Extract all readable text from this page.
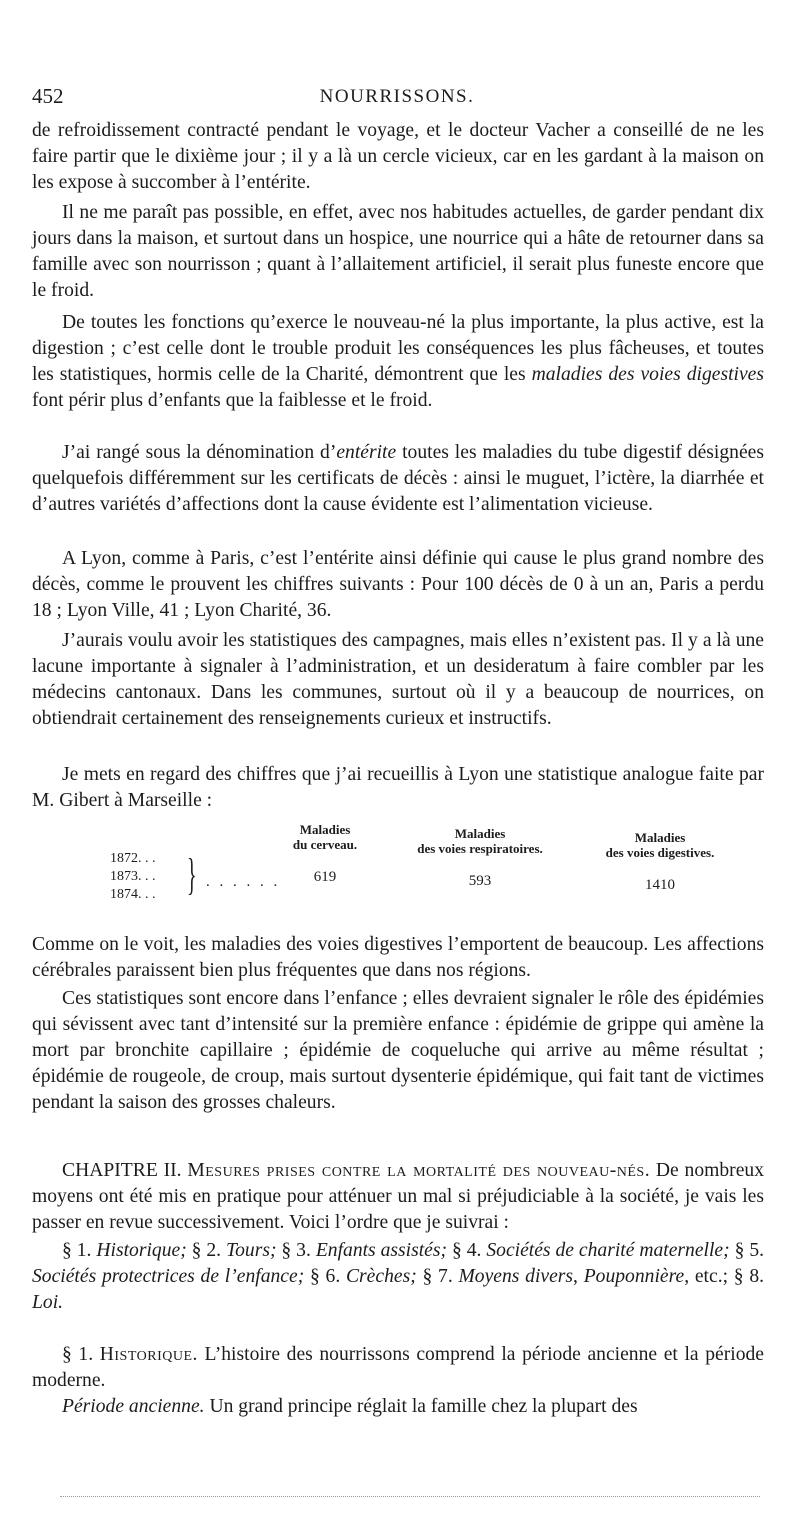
452	NOURRISSONS.

de refroidissement contracté pendant le voyage, et le docteur Vacher a conseillé de ne les faire partir que le dixième jour ; il y a là un cercle vicieux, car en les gardant à la maison on les expose à succomber à l’entérite.

Il ne me paraît pas possible, en effet, avec nos habitudes actuelles, de garder pendant dix jours dans la maison, et surtout dans un hospice, une nourrice qui a hâte de retourner dans sa famille avec son nourrisson ; quant à l’allaitement artificiel, il serait plus funeste encore que le froid.

De toutes les fonctions qu’exerce le nouveau-né la plus importante, la plus active, est la digestion ; c’est celle dont le trouble produit les conséquences les plus fâcheuses, et toutes les statistiques, hormis celle de la Charité, démontrent que les maladies des voies digestives font périr plus d’enfants que la faiblesse et le froid.

J’ai rangé sous la dénomination d’entérite toutes les maladies du tube digestif désignées quelquefois différemment sur les certificats de décès : ainsi le muguet, l’ictère, la diarrhée et d’autres variétés d’affections dont la cause évidente est l’alimentation vicieuse.

A Lyon, comme à Paris, c’est l’entérite ainsi définie qui cause le plus grand nombre des décès, comme le prouvent les chiffres suivants : Pour 100 décès de 0 à un an, Paris a perdu 18 ; Lyon Ville, 41 ; Lyon Charité, 36.

J’aurais voulu avoir les statistiques des campagnes, mais elles n’existent pas. Il y a là une lacune importante à signaler à l’administration, et un desideratum à faire combler par les médecins cantonaux. Dans les communes, surtout où il y a beaucoup de nourrices, on obtiendrait certainement des renseignements curieux et instructifs.

Je mets en regard des chiffres que j’ai recueillis à Lyon une statistique analogue faite par M. Gibert à Marseille :

1872. . .
1873. . .
1874. . . } . . . . . .
Maladies
du cerveau.
619
Maladies
des voies respiratoires.
593
Maladies
des voies digestives.
1410

Comme on le voit, les maladies des voies digestives l’emportent de beaucoup. Les affections cérébrales paraissent bien plus fréquentes que dans nos régions.

Ces statistiques sont encore dans l’enfance ; elles devraient signaler le rôle des épidémies qui sévissent avec tant d’intensité sur la première enfance : épidémie de grippe qui amène la mort par bronchite capillaire ; épidémie de coqueluche qui arrive au même résultat ; épidémie de rougeole, de croup, mais surtout dysenterie épidémique, qui fait tant de victimes pendant la saison des grosses chaleurs.

CHAPITRE II. Mesures prises contre la mortalité des nouveau-nés. De nombreux moyens ont été mis en pratique pour atténuer un mal si préjudiciable à la société, je vais les passer en revue successivement. Voici l’ordre que je suivrai :

§ 1. Historique; § 2. Tours; § 3. Enfants assistés; § 4. Sociétés de charité maternelle; § 5. Sociétés protectrices de l’enfance; § 6. Crèches; § 7. Moyens divers, Pouponnière, etc.; § 8. Loi.

§ 1. Historique. L’histoire des nourrissons comprend la période ancienne et la période moderne.

Période ancienne. Un grand principe réglait la famille chez la plupart des
